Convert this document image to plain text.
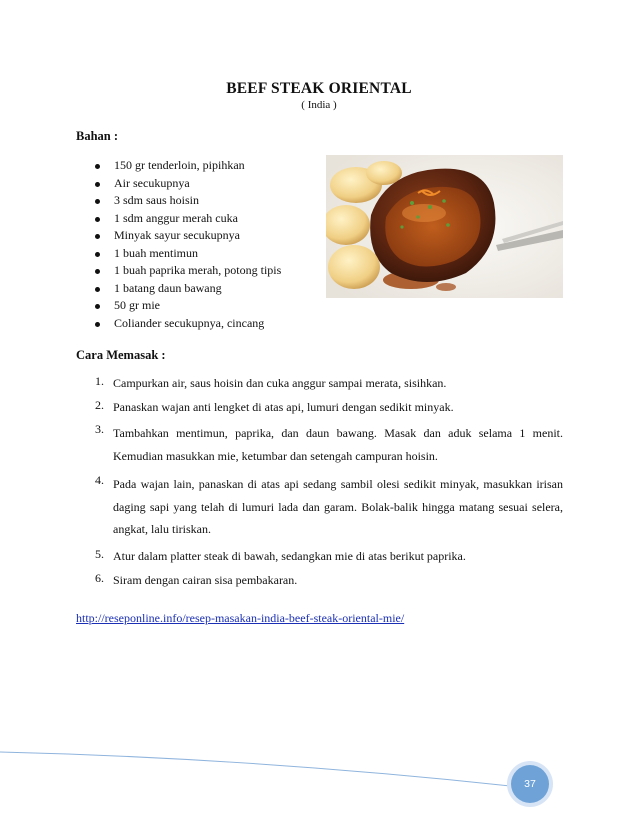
BEEF STEAK ORIENTAL
( India )
Bahan :
150 gr tenderloin, pipihkan
Air secukupnya
3 sdm saus hoisin
1 sdm anggur merah cuka
Minyak sayur secukupnya
1 buah mentimun
1 buah paprika merah, potong tipis
1 batang daun bawang
50 gr mie
Coliander secukupnya, cincang
Cara Memasak :
1. Campurkan air, saus hoisin dan cuka anggur sampai merata, sisihkan.
2. Panaskan wajan anti lengket di atas api, lumuri dengan sedikit minyak.
3. Tambahkan mentimun, paprika, dan daun bawang. Masak dan aduk selama 1 menit. Kemudian masukkan mie, ketumbar dan setengah campuran hoisin.
4. Pada wajan lain, panaskan di atas api sedang sambil olesi sedikit minyak, masukkan irisan daging sapi yang telah di lumuri lada dan garam. Bolak-balik hingga matang sesuai selera, angkat, lalu tiriskan.
5. Atur dalam platter steak di bawah, sedangkan mie di atas berikut paprika.
6. Siram dengan cairan sisa pembakaran.
http://reseponline.info/resep-masakan-india-beef-steak-oriental-mie/
37
